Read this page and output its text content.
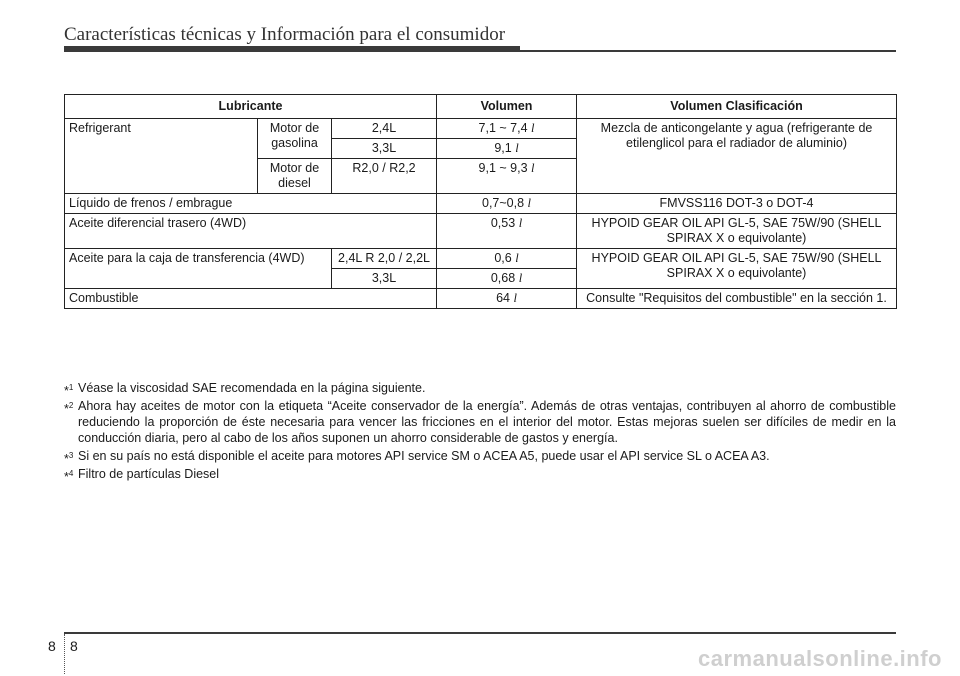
Características técnicas y Información para el consumidor
Lubricante			Volumen	Volumen Clasificación
Refrigerant	Motor de gasolina	2,4L	7,1 ~ 7,4 l	Mezcla de anticongelante y agua (refrigerante de etilenglicol para el radiador de aluminio)
		3,3L	9,1 l	
	Motor de diesel	R2,0 / R2,2	9,1 ~ 9,3 l	
Líquido de frenos / embrague			0,7~0,8 l	FMVSS116 DOT-3 o DOT-4
Aceite diferencial trasero (4WD)			0,53 l	HYPOID GEAR OIL API GL-5, SAE 75W/90 (SHELL SPIRAX X o equivolante)
Aceite para la caja de transferencia (4WD)		2,4L R 2,0 / 2,2L	0,6 l	HYPOID GEAR OIL API GL-5, SAE 75W/90 (SHELL SPIRAX X o equivolante)
		3,3L	0,68 l	
Combustible			64 l	Consulte "Requisitos del combustible" en la sección 1.
*$^1$ Véase la viscosidad SAE recomendada en la página siguiente.
*$^2$ Ahora hay aceites de motor con la etiqueta “Aceite conservador de la energía”. Además de otras ventajas, contribuyen al ahorro de combustible reduciendo la proporción de éste necesaria para vencer las fricciones en el interior del motor. Estas mejoras suelen ser difíciles de medir en la conducción diaria, pero al cabo de los años suponen un ahorro considerable de gastos y energía.
*$^3$ Si en su país no está disponible el aceite para motores API service SM o ACEA A5, puede usar el API service SL o ACEA A3.
*$^4$ Filtro de partículas Diesel
8 8	carmanualsonline.info
